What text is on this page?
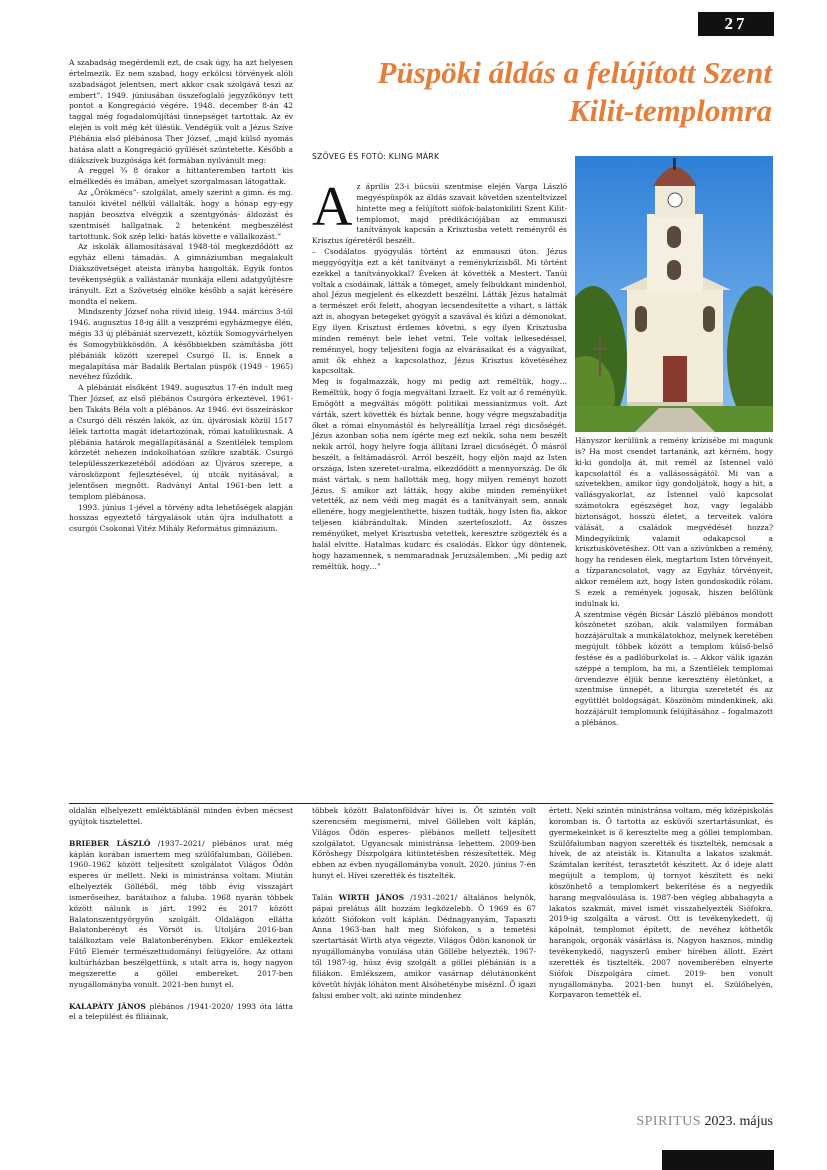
27
Püspöki áldás a felújított Szent Kilit-templomra
SZÖVEG ÉS FOTÓ: KLING MÁRK

A szabadság megérdemli ezt, de csak úgy, ha azt helyesen értelmezik. Ez nem szabad, hogy erkölcsi törvények alóli szabadságot jelentsen, mert akkor csak szolgává teszi az embert”. 1949. júniusában összefoglaló jegyzőkönyv tett pontot a Kongregáció végére. 1948. december 8-án 42 taggal még fogadalomújítási ünnepséget tartottak. Az év elején is volt még két ülésük. Vendégük volt a Jézus Szíve Plébánia első plébánosa Ther József, „majd külső nyomás hatása alatt a Kongregáció gyűlését szüntetette. Később a diákszívek buzgósága két formában nyilvánult meg:

A reggel ¾ 8 órakor a hittanteremben tartott kis elmélkedés és imában, amelyet szorgalmasan látogattak.

Az „Örökmécs”- szolgálat, amely szerint a gimn. és mg. tanulói kivétel nélkül vállalták, hogy a hónap egy-egy napján beosztva elvégzik a szentgyónás- áldozást és szentmisét hallgatnak. 2 hetenként megbeszélést tartottunk. Sok szép lelki- hatás követte e vállalkozást.”

Az iskolák államosításával 1948-tól megkezdődött az egyház elleni támadás. A gimnáziumban megalakult Diákszövetséget ateista irányba hangolták. Egyik fontos tevékenységük a vallástanár munkája elleni adatgyűjtésre irányult. Ezt a Szövetség elnöke később a saját kérésére mondta el nekem.

Mindszenty József noha rövid ideig, 1944. március 3-tól 1946. augusztus 18-ig állt a veszprémi egyházmegye élén, mégis 33 új plébániát szervezett, köztük Somogyvárhelyen és Somogybükkösdön. A későbbiekben számításba jött plébániák között szerepel Csurgó II. is. Ennek a megalapítása már Badalik Bertalan püspök (1949 - 1965) nevéhez fűződik.

A plébániát elsőként 1949. augusztus 17-én indult meg Ther József, az első plébános Csurgóra érkeztével. 1961-ben Takáts Béla volt a plébános. Az 1946. évi összeíráskor a Csurgó déli részén lakók, az ún. újvárosiak közül 1517 lélek tartotta magát idetartozónak, római katolikusnak. A plébánia határok megállapításánál a Szentlélek templom körzetét nehezen indokolhatóan szűkre szabták. Csurgó településszerkezetéből adódóan az Újváros szerepe, a városközpont fejlesztésével, új utcák nyitásával, a jelentősen megnőtt. Radványi Antal 1961-ben lett a templom plébánosa.

1993. június 1-jével a törvény adta lehetőségek alapján hosszas egyeztető tárgyalások után újra indulhatott a csurgói Csokonai Vitéz Mihály Református gimnázium.

Az április 23-i búcsúi szentmise elején Varga László megyéspüspök az áldás szavait követően szenteltvízzel hintette meg a felújított siófok-balatonkiliti Szent Kilit-templomot, majd prédikációjában az emmauszi tanítványok kapcsán a Krisztusba vetett reményről és Krisztus ígéretéről beszélt.

– Csodálatos gyógyulás történt az emmauszi úton. Jézus meggyógyítja ezt a két tanítványt a reménykrízisből. Mi történt ezekkel a tanítványokkal? Éveken át követték a Mestert. Tanúi voltak a csodáinak, látták a tömeget, amely felbukkant mindenhol, ahol Jézus megjelent és elkezdett beszélni. Látták Jézus hatalmát a természet erői felett, ahogyan lecsendesítette a vihart, s látták azt is, ahogyan betegeket gyógyít a szavával és kiűzi a démonokat. Egy ilyen Krisztust érdemes követni, s egy ilyen Krisztusba minden reményt bele lehet vetni. Tele voltak lelkesedéssel, reménnyel, hogy teljesíteni fogja az elvárásaikat és a vágyaikat, amit ők ehhez a kapcsolathoz, Jézus Krisztus követéséhez kapcsoltak.

Meg is fogalmazzák, hogy mi pedig azt reméltük, hogy… Reméltük, hogy ő fogja megváltani Izraelt. Ez volt az ő reményük. Emögött a megváltás mögött politikai messianizmus volt. Azt várták, szert követték és bíztak benne, hogy végre megszabadítja őket a római elnyomástól és helyreállítja Izrael régi dicsőségét. Jézus azonban soha nem ígérte meg ezt nekik, soha nem beszélt nekik arról, hogy helyre fogja állítani Izrael dicsőségét. Ő másról beszélt, a feltámadásról. Arról beszélt, hogy eljön majd az Isten országa, Isten szeretet-uralma, elkezdődött a mennyország. De ők mást vártak, s nem hallották meg, hogy milyen reményt hozott Jézus. S amikor azt látták, hogy akibe minden reményüket vetették, az nem védi meg magát és a tanítványait sem, annak ellenére, hogy megjelenthette, hiszen tudták, hogy Isten fia, akkor teljesen kiábrándultak. Minden szertefoszlott. Az összes reményüket, melyet Krisztusba vetettek, keresztre szögezték és a halál elvitte. Hatalmas kudarc és csalódás. Ekkor úgy döntenek, hogy hazamennek, s nemmaradnak Jeruzsálemben. „Mi pedig azt reméltük, hogy…”

Hányszor kerülünk a remény krízisébe mi magunk is? Ha most csendet tartanánk, azt kérném, hogy ki-ki gondolja át, mit remél az Istennel való kapcsolattól és a vallásosságától. Mi van a szívetekben, amikor úgy gondoljátok, hogy a hit, a vallásgyakorlat, az Istennel való kapcsolat számotokra egészséget hoz, vagy legalább biztonságot, hosszú életet, a terveitek valóra válását, a családok megvédését hozza? Mindegyikünk valamit odakapcsol a krisztuskövetéshez. Ott van a szívünkben a remény, hogy ha rendesen élek, megtartom Isten törvényeit, a tízparancsolatot, vagy az Egyház törvényeit, akkor remélem azt, hogy Isten gondoskodik rólam. S ezek a remények jogosak, hiszen belőlünk indulnak ki.

A szentmise végén Bicsár László plébános mondott köszönetet szóban, akik valamilyen formában hozzájárultak a munkálatokhoz, melynek keretében megújult többek között a templom külső-belső festése és a padlóburkolat is. – Akkor válik igazán széppé a templom, ha mi, a Szentlélek templomai örvendezve éljük benne keresztény életünket, a szentmise ünnepét, a liturgia szeretetét és az együttlét boldogságát. Köszönöm mindenkinek, aki hozzájárult templomunk felújításához – fogalmazott a plébános.

oldalán elhelyezett emléktáblánál minden évben mécsest gyújtok tisztelettel.

BRIEBER LÁSZLÓ /1937–2021/ plébános urat még káplán korában ismertem meg szülőfalumban, Göllében. 1960–1962 között teljesített szolgálatot Világos Ödön esperes úr mellett. Neki is ministránsa voltam. Miután elhelyezték Gölléből, még több évig visszajárt ismerőseihez, barátaihoz a faluba. 1968 nyarán többek között nálunk is járt. 1992 és 2017 között Balatonszentgyörgyön szolgált. Oldalágon ellátta Balatonberényt és Vörsöt is. Utoljára 2016-ban találkoztam vele Balatonberényben. Ekkor emlékeztek Fűtő Elemér természettudományi felügyelőre. Az ottani kultúrházban beszélgettünk, s utalt arra is, hogy nagyon megszerette a göllei embereket. 2017-ben nyugállományba vonult. 2021-ben hunyt el.

KALAPÁTY JÁNOS plébános /1941-2020/ 1993 óta látta el a települést és filiáinak,

többek között Balatonföldvár hívei is. Őt szintén volt szerencsém megismerni, mivel Gölleben volt káplán, Világos Ödön esperes- plébános mellett teljesített szolgálatot. Ugyancsak ministránsa lehettem. 2009-ben Kőröshegy Díszpolgára kitüntetésben részesítették. Még ebben az évben nyugállományba vonult. 2020. június 7-én hunyt el. Hívei szerették és tisztelték.

Talán WIRTH JÁNOS /1931–2021/ általános helynök, pápai prelátus állt hozzám legközelebb. Ő 1969 és 67 között Siófokon volt káplán. Dédnagyanyám, Tapaszti Anna 1963-ban halt meg Siófokon, s a temetési szertartását Wirth atya végezte. Világos Ödön kanonok úr nyugállományba vonulása után Göllébe helyezték. 1967-től 1987-ig, húsz évig szolgált a göllei plébánián is a filiákon. Emlékszem, amikor vasárnap délutánonként követűt hívják lóháton ment Alsóheténybe miséznI. Ő igazi falusi ember volt, aki szinte mindenhez

értett. Neki szintén ministránsa voltam, még középiskolás koromban is. Ő tartotta az esküvői szertartásunkat, és gyermekeinket is ő keresztelte meg a göllei templomban. Szülőfalumban nagyon szerették és tisztelték, nemcsak a hívek, de az ateisták is. Kitanulta a lakatos szakmát. Számtalan kerítést, terasztetőt készített. Az ő ideje alatt megújult a templom, új tornyot készített és neki köszönhető a templomkert bekerítése és a negyedik harang megvalósulása is. 1987-ben végleg abbahagyta a lakatos szakmát, mivel ismét visszahelyezték Siófokra. 2019-ig szolgálta a várost. Ott is tevékenykedett, új kápolnát, templomot épített, de nevéhez köthetők harangok, orgonák vásárlása is. Nagyon hasznos, mindig tevékenykedő, nagyszerű ember hírében állott. Ezért szerették és tisztelték. 2007 novemberében elnyerte Siófok Díszpolgára címet. 2019- ben vonult nyugállományba. 2021-ben hunyt el. Szülőhelyén, Korpavaron temették el.

SPIRITUS 2023. május
